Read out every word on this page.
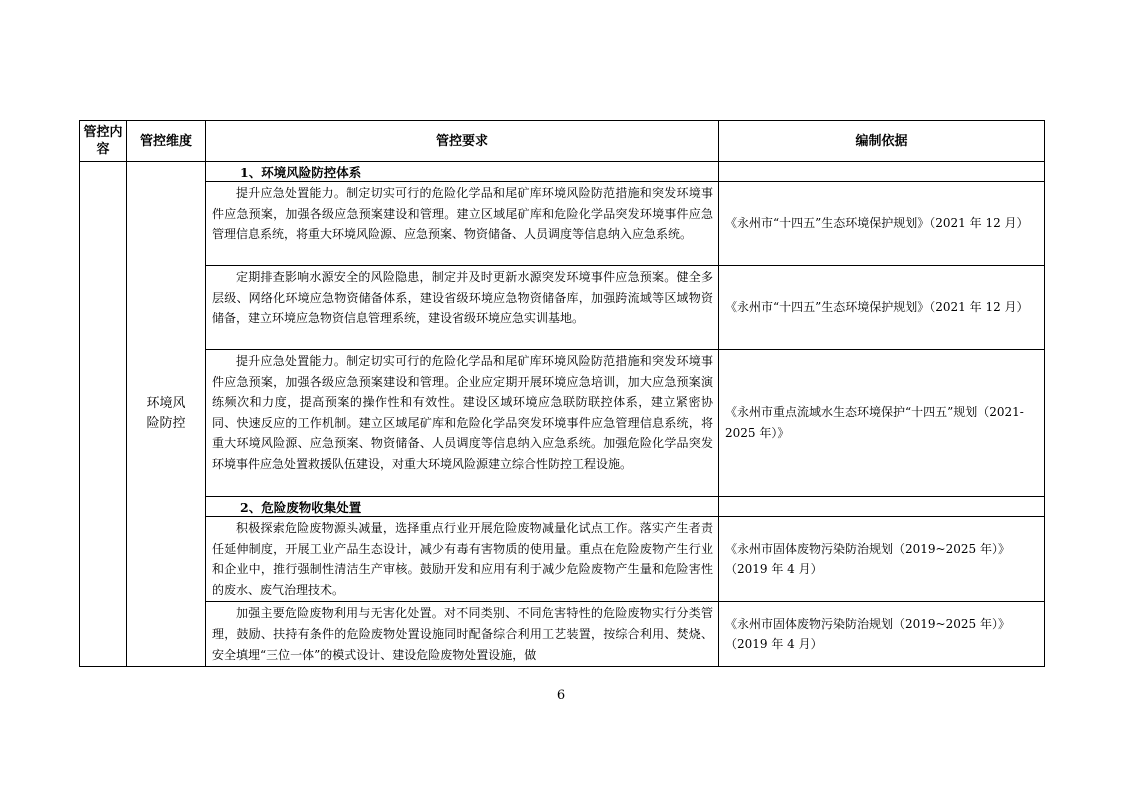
管控内容	管控维度	管控要求	编制依据
	环境风险防控	1、环境风险防控体系	

		提升应急处置能力。制定切实可行的危险化学品和尾矿库环境风险防范措施和突发环境事件应急预案，加强各级应急预案建设和管理。建立区域尾矿库和危险化学品突发环境事件应急管理信息系统，将重大环境风险源、应急预案、物资储备、人员调度等信息纳入应急系统。	《永州市“十四五”生态环境保护规划》（2021 年 12 月）

		定期排查影响水源安全的风险隐患，制定并及时更新水源突发环境事件应急预案。健全多层级、网络化环境应急物资储备体系，建设省级环境应急物资储备库，加强跨流域等区域物资储备，建立环境应急物资信息管理系统，建设省级环境应急实训基地。	《永州市“十四五”生态环境保护规划》（2021 年 12 月）

		提升应急处置能力。制定切实可行的危险化学品和尾矿库环境风险防范措施和突发环境事件应急预案，加强各级应急预案建设和管理。企业应定期开展环境应急培训，加大应急预案演练频次和力度，提高预案的操作性和有效性。建设区域环境应急联防联控体系，建立紧密协同、快速反应的工作机制。建立区域尾矿库和危险化学品突发环境事件应急管理信息系统，将重大环境风险源、应急预案、物资储备、人员调度等信息纳入应急系统。加强危险化学品突发环境事件应急处置救援队伍建设，对重大环境风险源建立综合性防控工程设施。	《永州市重点流域水生态环境保护“十四五”规划（2021-2025 年）》
		2、危险废物收集处置	

		积极探索危险废物源头减量，选择重点行业开展危险废物减量化试点工作。落实产生者责任延伸制度，开展工业产品生态设计，减少有毒有害物质的使用量。重点在危险废物产生行业和企业中，推行强制性清洁生产审核。鼓励开发和应用有利于减少危险废物产生量和危险害性的废水、废气治理技术。	《永州市固体废物污染防治规划（2019~2025 年）》（2019 年 4 月）

		加强主要危险废物利用与无害化处置。对不同类别、不同危害特性的危险废物实行分类管理，鼓励、扶持有条件的危险废物处置设施同时配备综合利用工艺装置，按综合利用、焚烧、安全填埋“三位一体”的模式设计、建设危险废物处置设施，做	《永州市固体废物污染防治规划（2019~2025 年）》（2019 年 4 月）
6
